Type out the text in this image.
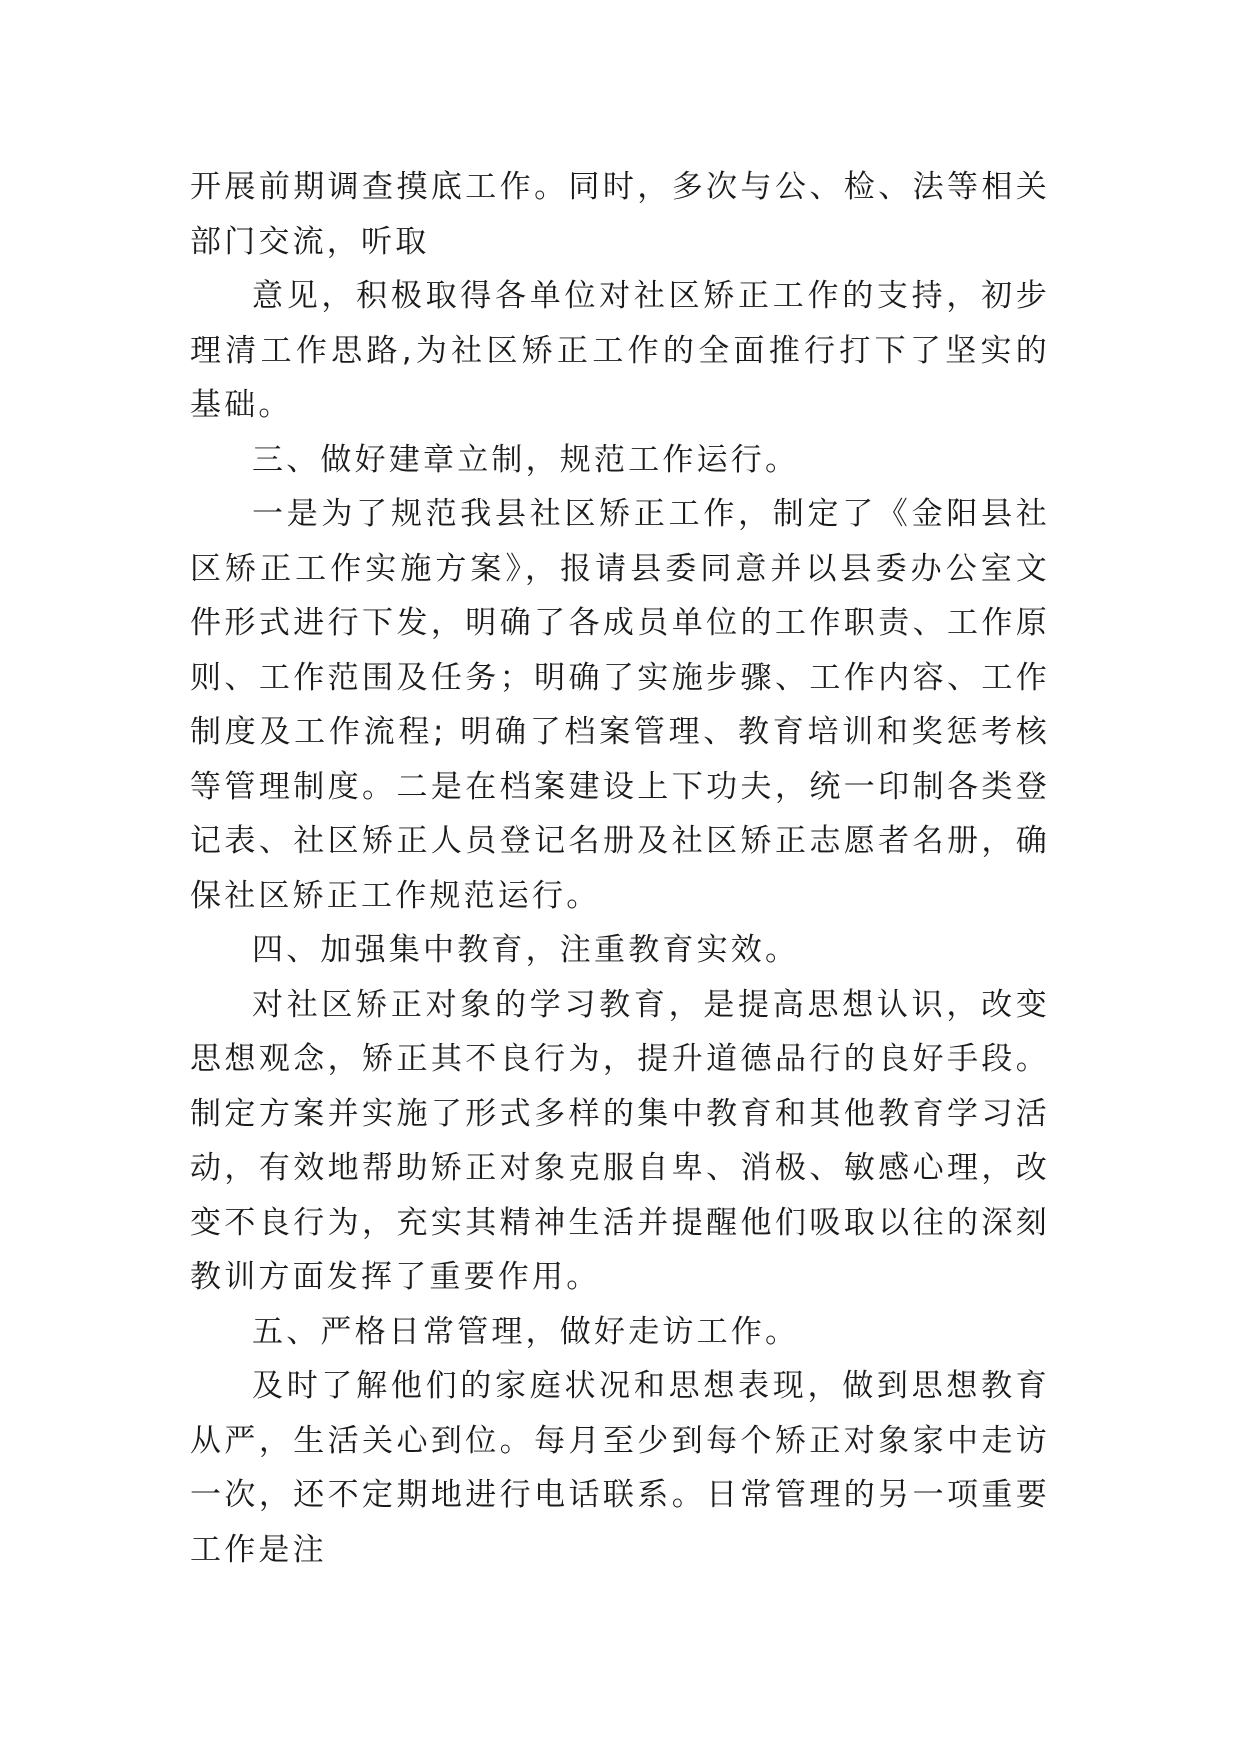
开展前期调查摸底工作。同时，多次与公、检、法等相关部门交流，听取

意见，积极取得各单位对社区矫正工作的支持，初步理清工作思路,为社区矫正工作的全面推行打下了坚实的基础。

三、做好建章立制，规范工作运行。

一是为了规范我县社区矫正工作，制定了《金阳县社区矫正工作实施方案》，报请县委同意并以县委办公室文件形式进行下发，明确了各成员单位的工作职责、工作原则、工作范围及任务；明确了实施步骤、工作内容、工作制度及工作流程; 明确了档案管理、教育培训和奖惩考核等管理制度。二是在档案建设上下功夫，统一印制各类登记表、社区矫正人员登记名册及社区矫正志愿者名册，确保社区矫正工作规范运行。

四、加强集中教育，注重教育实效。

对社区矫正对象的学习教育，是提高思想认识，改变思想观念，矫正其不良行为，提升道德品行的良好手段。制定方案并实施了形式多样的集中教育和其他教育学习活动，有效地帮助矫正对象克服自卑、消极、敏感心理，改变不良行为，充实其精神生活并提醒他们吸取以往的深刻教训方面发挥了重要作用。

五、严格日常管理，做好走访工作。

及时了解他们的家庭状况和思想表现，做到思想教育从严，生活关心到位。每月至少到每个矫正对象家中走访一次，还不定期地进行电话联系。日常管理的另一项重要工作是注
